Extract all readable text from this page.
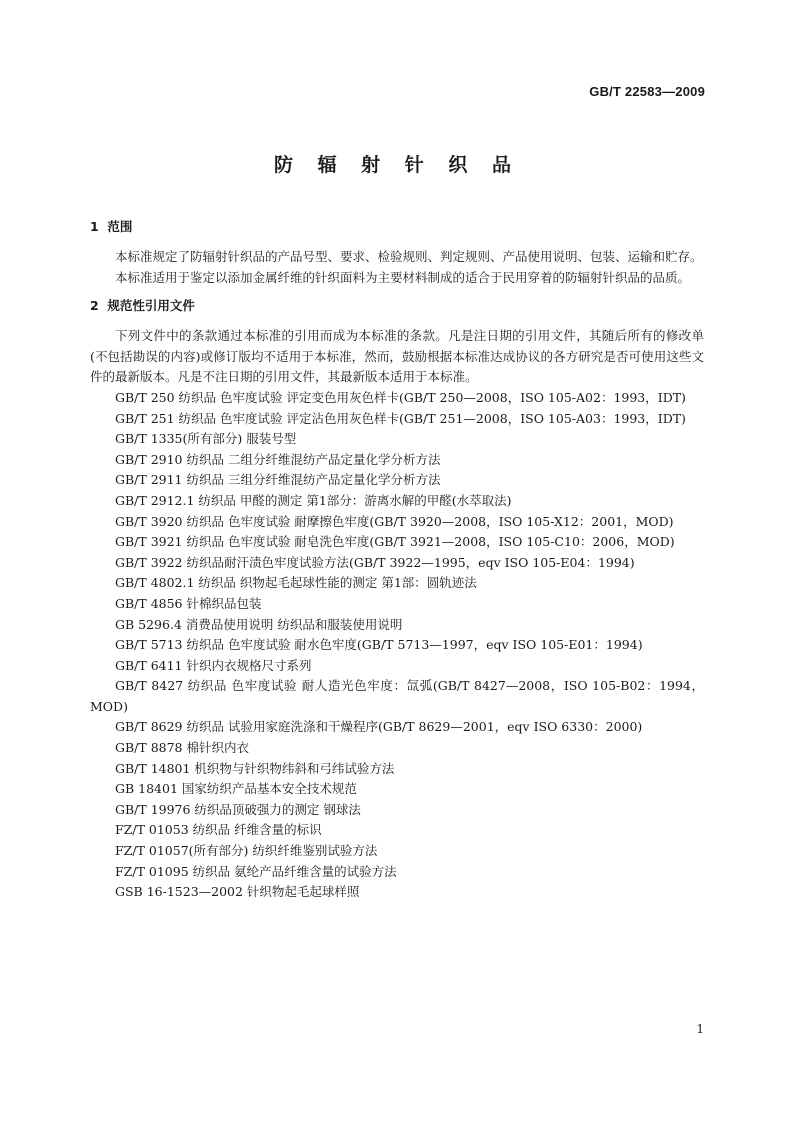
GB/T 22583—2009
防 辐 射 针 织 品
1  范围

本标准规定了防辐射针织品的产品号型、要求、检验规则、判定规则、产品使用说明、包装、运输和贮存。

本标准适用于鉴定以添加金属纤维的针织面料为主要材料制成的适合于民用穿着的防辐射针织品的品质。

2  规范性引用文件

下列文件中的条款通过本标准的引用而成为本标准的条款。凡是注日期的引用文件，其随后所有的修改单(不包括勘误的内容)或修订版均不适用于本标准，然而，鼓励根据本标准达成协议的各方研究是否可使用这些文件的最新版本。凡是不注日期的引用文件，其最新版本适用于本标准。

GB/T 250 纺织品 色牢度试验 评定变色用灰色样卡(GB/T 250—2008，ISO 105-A02：1993，IDT)

GB/T 251 纺织品 色牢度试验 评定沾色用灰色样卡(GB/T 251—2008，ISO 105-A03：1993，IDT)

GB/T 1335(所有部分) 服装号型

GB/T 2910 纺织品 二组分纤维混纺产品定量化学分析方法

GB/T 2911 纺织品 三组分纤维混纺产品定量化学分析方法

GB/T 2912.1 纺织品 甲醛的测定 第1部分：游离水解的甲醛(水萃取法)

GB/T 3920 纺织品 色牢度试验 耐摩擦色牢度(GB/T 3920—2008，ISO 105-X12：2001，MOD)

GB/T 3921 纺织品 色牢度试验 耐皂洗色牢度(GB/T 3921—2008，ISO 105-C10：2006，MOD)

GB/T 3922 纺织品耐汗渍色牢度试验方法(GB/T 3922—1995，eqv ISO 105-E04：1994)

GB/T 4802.1 纺织品 织物起毛起球性能的测定 第1部：圆轨迹法

GB/T 4856 针棉织品包装

GB 5296.4 消费品使用说明 纺织品和服装使用说明

GB/T 5713 纺织品 色牢度试验 耐水色牢度(GB/T 5713—1997，eqv ISO 105-E01：1994)

GB/T 6411 针织内衣规格尺寸系列

GB/T 8427 纺织品 色牢度试验 耐人造光色牢度：氙弧(GB/T 8427—2008，ISO 105-B02：1994，MOD)

GB/T 8629 纺织品 试验用家庭洗涤和干燥程序(GB/T 8629—2001，eqv ISO 6330：2000)

GB/T 8878 棉针织内衣

GB/T 14801 机织物与针织物纬斜和弓纬试验方法

GB 18401 国家纺织产品基本安全技术规范

GB/T 19976 纺织品顶破强力的测定 钢球法

FZ/T 01053 纺织品 纤维含量的标识

FZ/T 01057(所有部分) 纺织纤维鉴别试验方法

FZ/T 01095 纺织品 氨纶产品纤维含量的试验方法

GSB 16-1523—2002 针织物起毛起球样照

1
